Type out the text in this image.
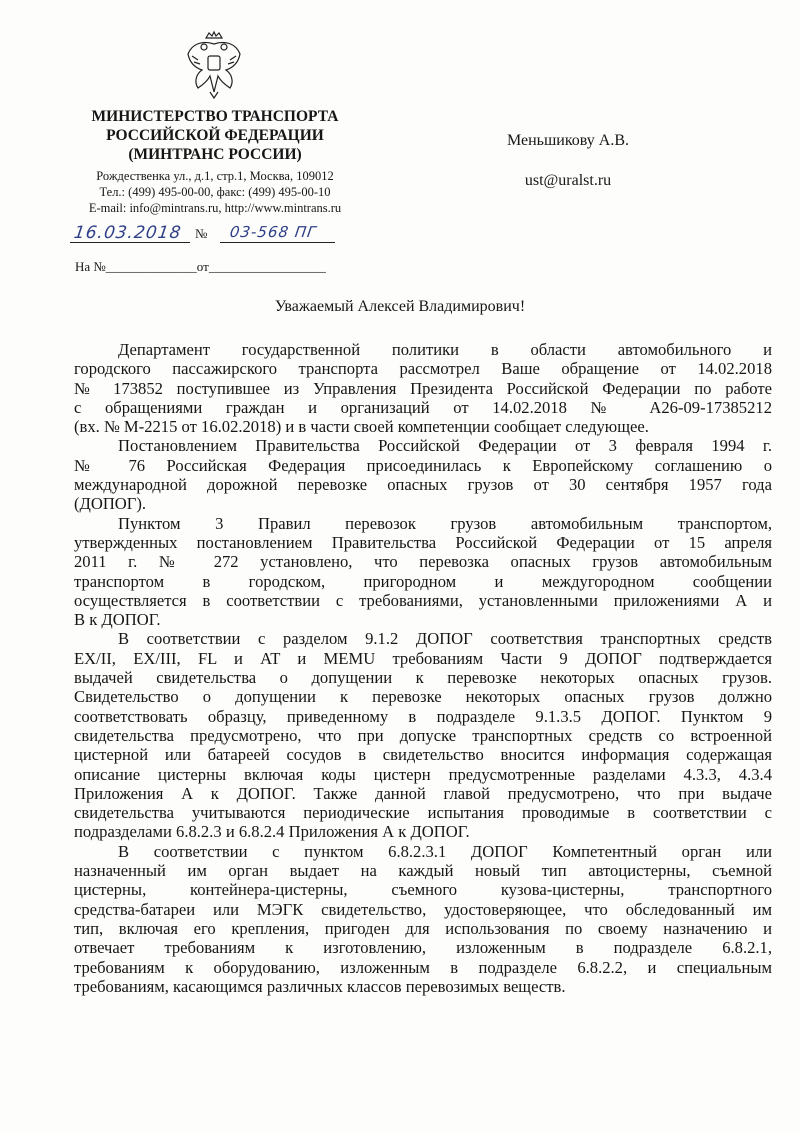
МИНИСТЕРСТВО ТРАНСПОРТА
РОССИЙСКОЙ ФЕДЕРАЦИИ
(МИНТРАНС РОССИИ)
Рождественка ул., д.1, стр.1, Москва, 109012
Тел.: (499) 495-00-00, факс: (499) 495-00-10
E-mail: info@mintrans.ru, http://www.mintrans.ru
16.03.2018 № 03-568 ПГ
На №______________от__________________
Меньшикову А.В.
ust@uralst.ru
Уважаемый Алексей Владимирович!
Департамент государственной политики в области автомобильного и
городского пассажирского транспорта рассмотрел Ваше обращение от 14.02.2018
№ 173852 поступившее из Управления Президента Российской Федерации по работе
с обращениями граждан и организаций от 14.02.2018 № А26-09-17385212
(вх. № М-2215 от 16.02.2018) и в части своей компетенции сообщает следующее.
Постановлением Правительства Российской Федерации от 3 февраля 1994 г.
№ 76 Российская Федерация присоединилась к Европейскому соглашению о
международной дорожной перевозке опасных грузов от 30 сентября 1957 года
(ДОПОГ).
Пунктом 3 Правил перевозок грузов автомобильным транспортом,
утвержденных постановлением Правительства Российской Федерации от 15 апреля
2011 г. № 272 установлено, что перевозка опасных грузов автомобильным
транспортом в городском, пригородном и междугородном сообщении
осуществляется в соответствии с требованиями, установленными приложениями А и
В к ДОПОГ.
В соответствии с разделом 9.1.2 ДОПОГ соответствия транспортных средств
EX/II, EX/III, FL и AT и MEMU требованиям Части 9 ДОПОГ подтверждается
выдачей свидетельства о допущении к перевозке некоторых опасных грузов.
Свидетельство о допущении к перевозке некоторых опасных грузов должно
соответствовать образцу, приведенному в подразделе 9.1.3.5 ДОПОГ. Пунктом 9
свидетельства предусмотрено, что при допуске транспортных средств со встроенной
цистерной или батареей сосудов в свидетельство вносится информация содержащая
описание цистерны включая коды цистерн предусмотренные разделами 4.3.3, 4.3.4
Приложения А к ДОПОГ. Также данной главой предусмотрено, что при выдаче
свидетельства учитываются периодические испытания проводимые в соответствии с
подразделами 6.8.2.3 и 6.8.2.4 Приложения А к ДОПОГ.
В соответствии с пунктом 6.8.2.3.1 ДОПОГ Компетентный орган или
назначенный им орган выдает на каждый новый тип автоцистерны, съемной
цистерны, контейнера-цистерны, съемного кузова-цистерны, транспортного
средства-батареи или МЭГК свидетельство, удостоверяющее, что обследованный им
тип, включая его крепления, пригоден для использования по своему назначению и
отвечает требованиям к изготовлению, изложенным в подразделе 6.8.2.1,
требованиям к оборудованию, изложенным в подразделе 6.8.2.2, и специальным
требованиям, касающимся различных классов перевозимых веществ.
